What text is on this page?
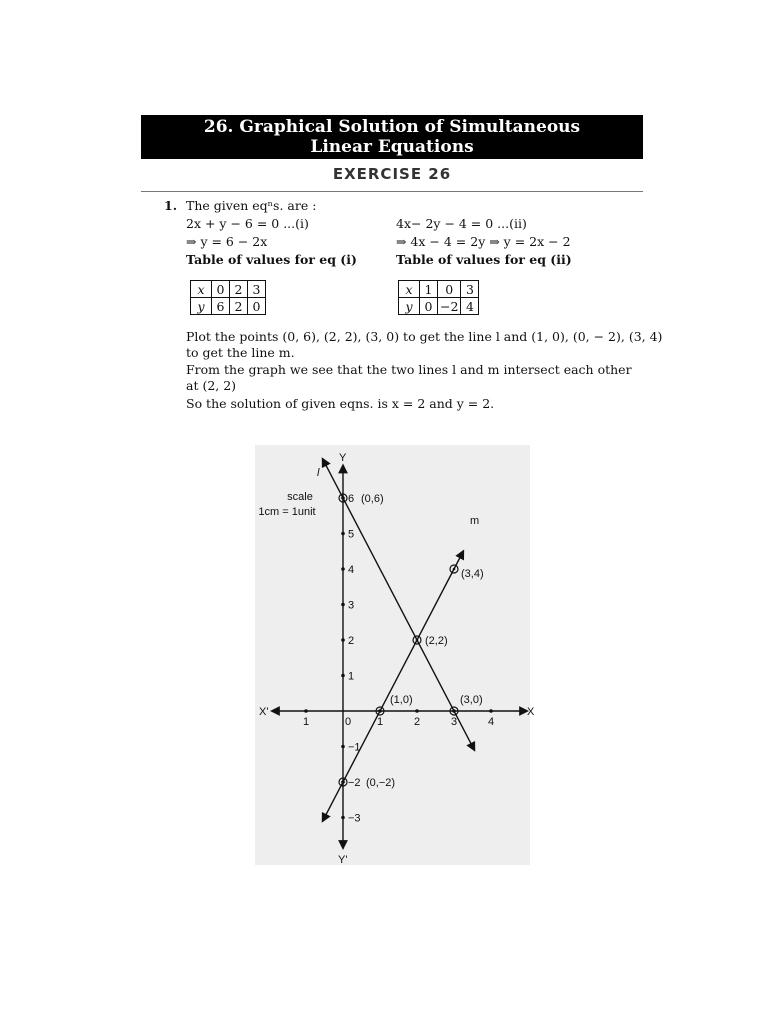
26. Graphical Solution of Simultaneous
Linear Equations
EXERCISE 26
1. The given eqⁿs. are :
2x + y − 6 = 0 ...(i)	4x− 2y − 4 = 0 ...(ii)
⇒ y = 6 − 2x	⇒ 4x − 4 = 2y ⇒ y = 2x − 2
Table of values for eq (i)	Table of values for eq (ii)
x	0	2	3
y	6	2	0
x	1	0	3
y	0	−2	4
Plot the points (0, 6), (2, 2), (3, 0) to get the line l and (1, 0), (0, − 2), (3, 4)
to get the line m.
From the graph we see that the two lines l and m intersect each other
at (2, 2)
So the solution of given eqns. is x = 2 and y = 2.
1	1	2	3	4
6
5
4
3
2
1
−1
−2
−3
(0,6)
(3,4)
(2,2)
(1,0)	(3,0)
(0,−2)
scale
1cm = 1unit
X
X'
Y
Y'
0
l
m
